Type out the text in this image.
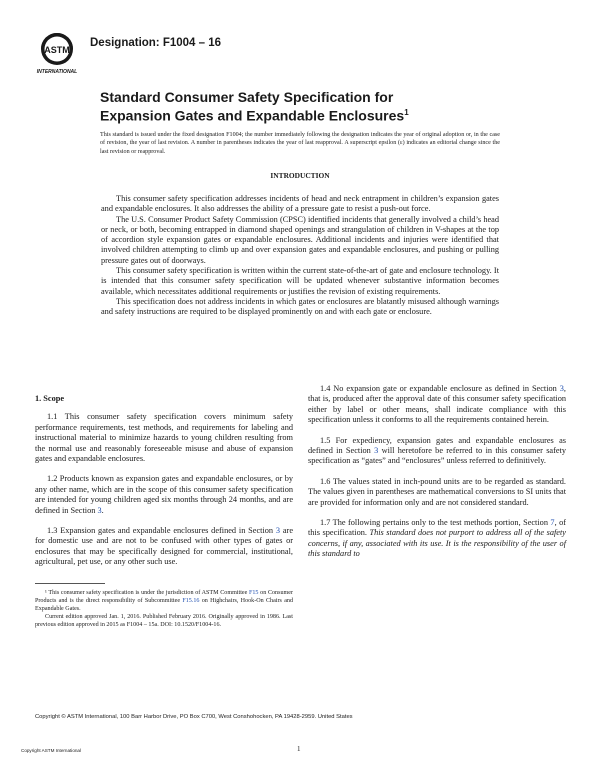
ASTM
INTERNATIONAL
Designation: F1004 – 16
Standard Consumer Safety Specification for
Expansion Gates and Expandable Enclosures$^1$
This standard is issued under the fixed designation F1004; the number immediately following the designation indicates the year of original adoption or, in the case of revision, the year of last revision. A number in parentheses indicates the year of last reapproval. A superscript epsilon (ε) indicates an editorial change since the last revision or reapproval.
INTRODUCTION

This consumer safety specification addresses incidents of head and neck entrapment in children’s expansion gates and expandable enclosures. It also addresses the ability of a pressure gate to resist a push-out force.

The U.S. Consumer Product Safety Commission (CPSC) identified incidents that generally involved a child’s head or neck, or both, becoming entrapped in diamond shaped openings and strangulation of children in V-shapes at the top of accordion style expansion gates or expandable enclosures. Additional incidents and injuries were identified that involved children attempting to climb up and over expansion gates and expandable enclosures, and pushing or pulling pressure gates out of doorways.

This consumer safety specification is written within the current state-of-the-art of gate and enclosure technology. It is intended that this consumer safety specification will be updated whenever substantive information becomes available, which necessitates additional requirements or justifies the revision of existing requirements.

This specification does not address incidents in which gates or enclosures are blatantly misused although warnings and safety instructions are required to be displayed prominently on and with each gate or enclosure.

1. Scope

1.1 This consumer safety specification covers minimum safety performance requirements, test methods, and requirements for labeling and instructional material to minimize hazards to young children resulting from the normal use and reasonably foreseeable misuse and abuse of expansion gates and expandable enclosures.

1.2 Products known as expansion gates and expandable enclosures, or by any other name, which are in the scope of this consumer safety specification are intended for young children aged six months through 24 months, and are defined in Section 3.

1.3 Expansion gates and expandable enclosures defined in Section 3 are for domestic use and are not to be confused with other types of gates or enclosures that may be specifically designed for commercial, institutional, agricultural, pet use, or any other such use.

¹ This consumer safety specification is under the jurisdiction of ASTM Committee F15 on Consumer Products and is the direct responsibility of Subcommittee F15.16 on Highchairs, Hook-On Chairs and Expandable Gates.

Current edition approved Jan. 1, 2016. Published February 2016. Originally approved in 1986. Last previous edition approved in 2015 as F1004 – 15a. DOI: 10.1520/F1004-16.

1.4 No expansion gate or expandable enclosure as defined in Section 3, that is, produced after the approval date of this consumer safety specification either by label or other means, shall indicate compliance with this specification unless it conforms to all the requirements contained herein.

1.5 For expediency, expansion gates and expandable enclosures as defined in Section 3 will heretofore be referred to in this consumer safety specification as “gates” and “enclosures” unless referred to definitively.

1.6 The values stated in inch-pound units are to be regarded as standard. The values given in parentheses are mathematical conversions to SI units that are provided for information only and are not considered standard.

1.7 The following pertains only to the test methods portion, Section 7, of this specification. This standard does not purport to address all of the safety concerns, if any, associated with its use. It is the responsibility of the user of this standard to

Copyright © ASTM International, 100 Barr Harbor Drive, PO Box C700, West Conshohocken, PA 19428-2959. United States
Copyright ASTM International	1
